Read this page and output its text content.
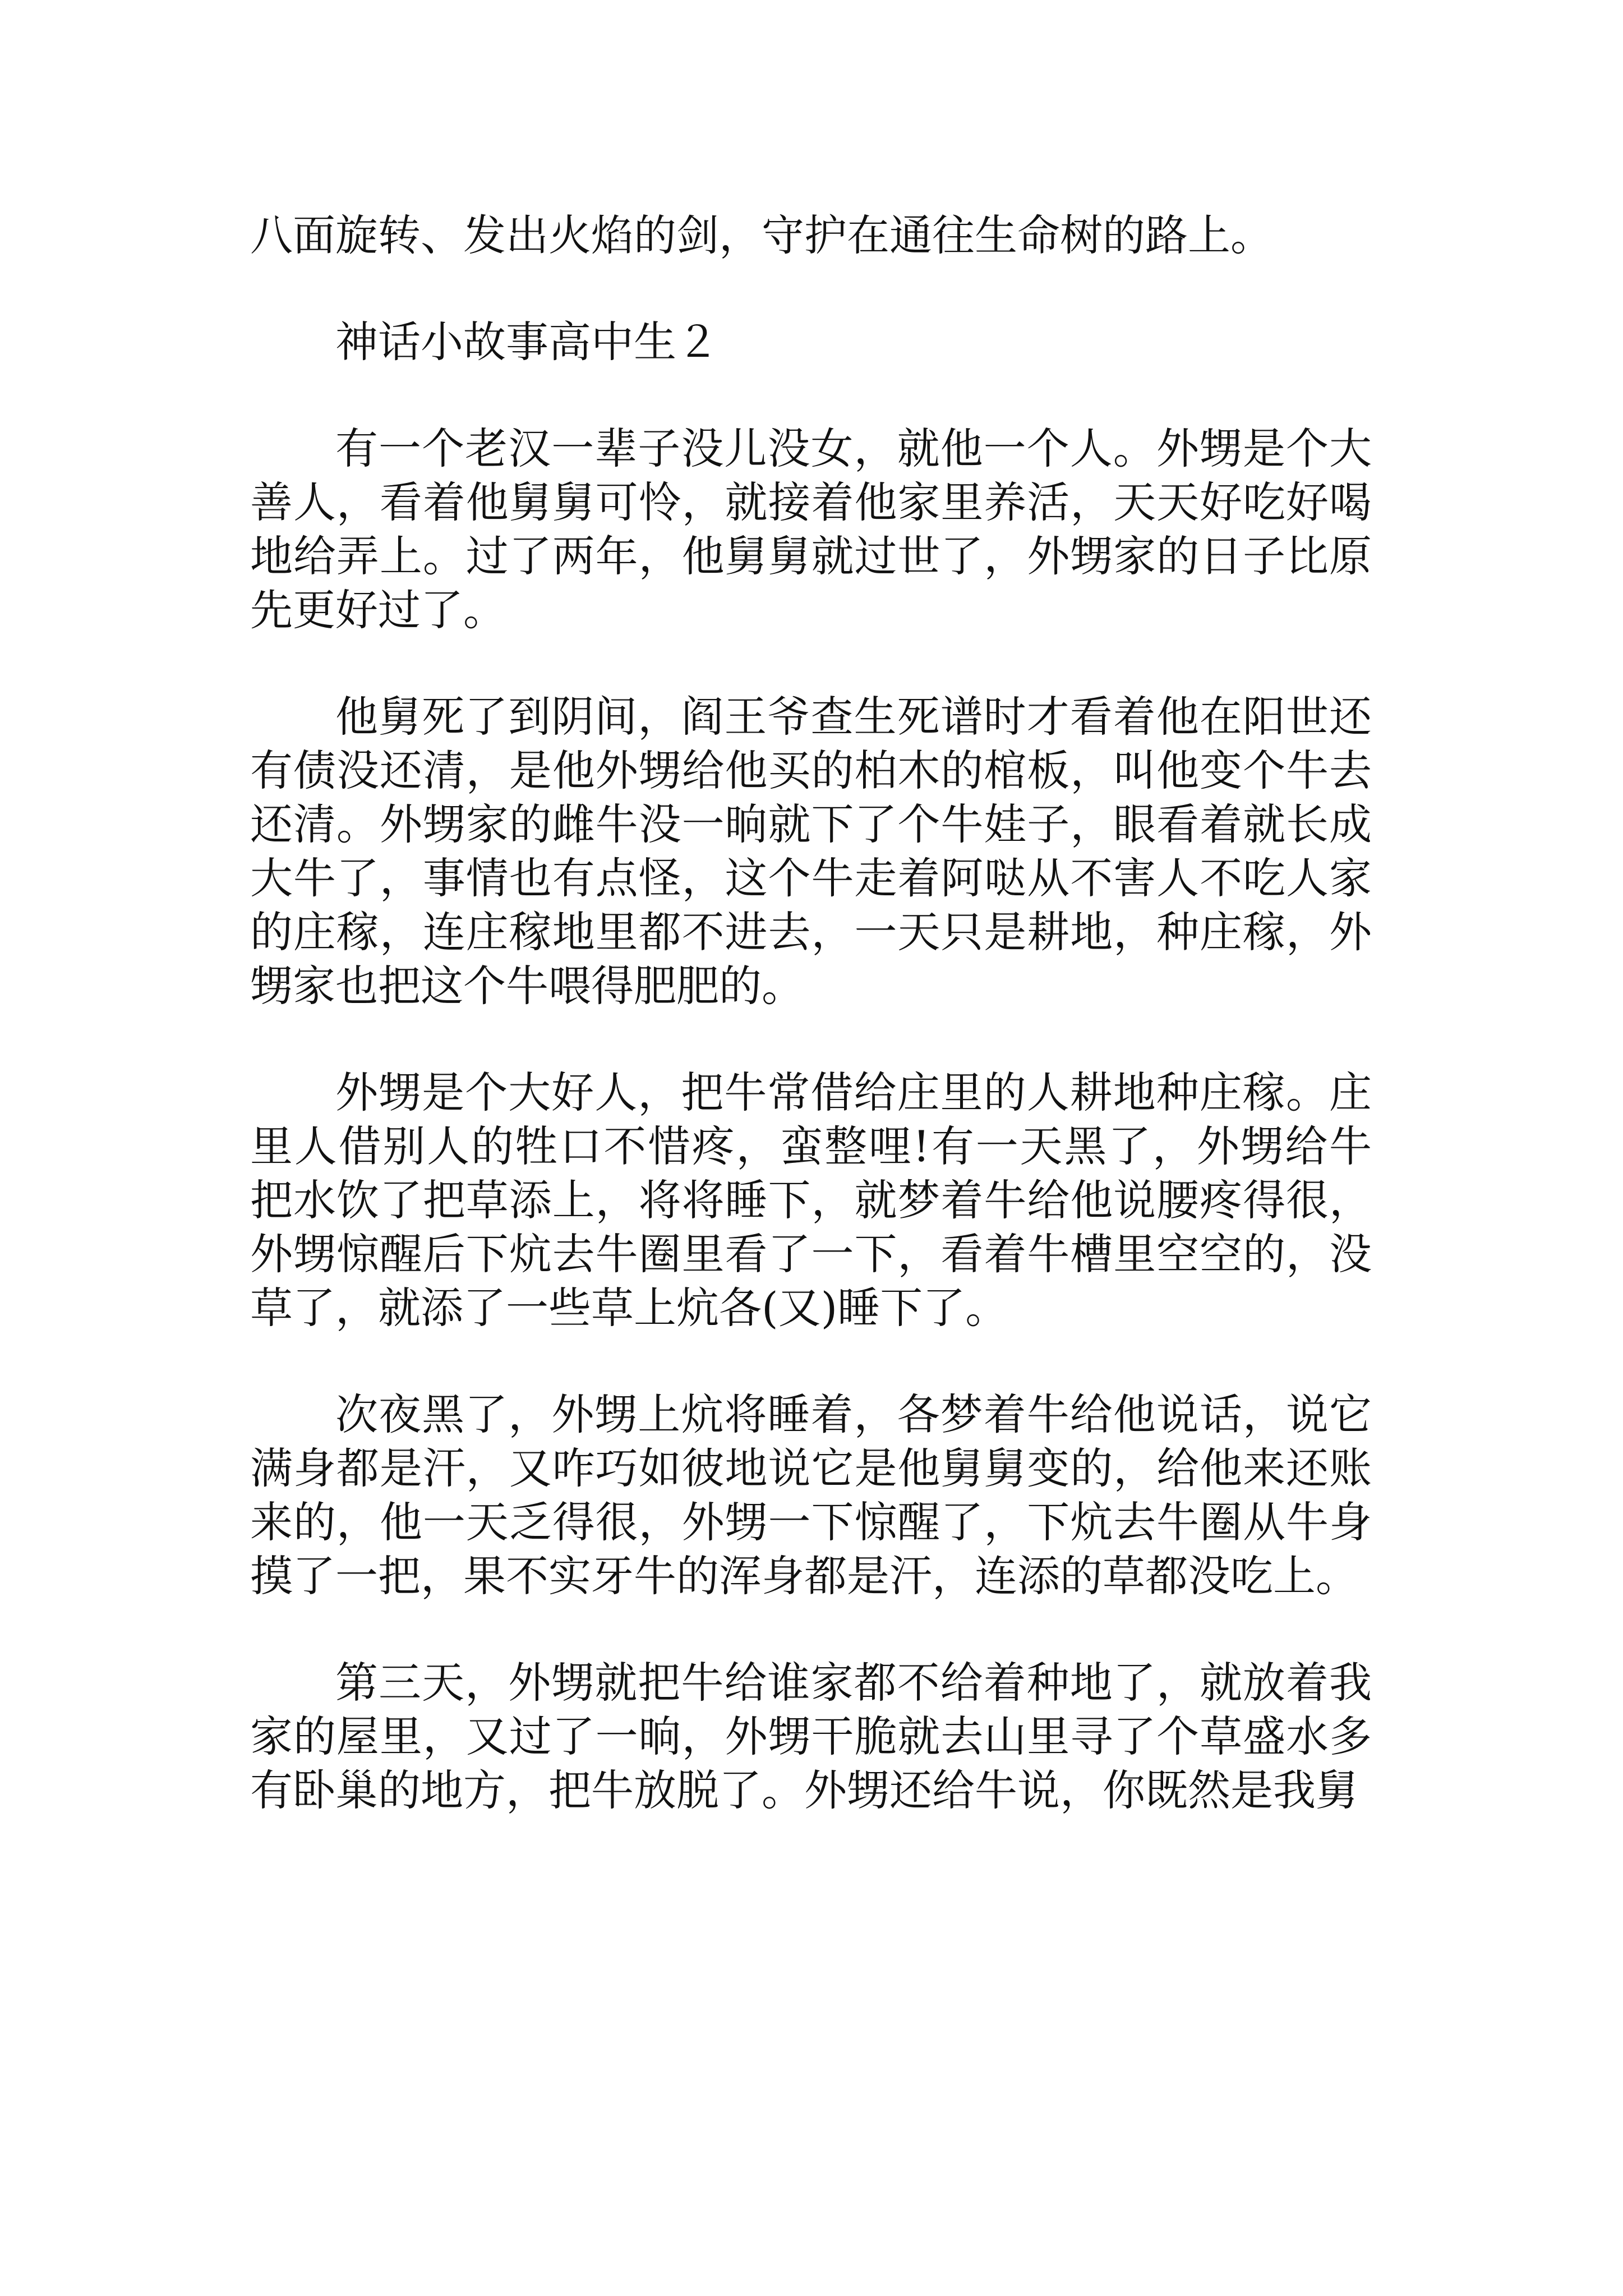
八面旋转、发出火焰的剑，守护在通往生命树的路上。

神话小故事高中生２

有一个老汉一辈子没儿没女，就他一个人。外甥是个大善人，看着他舅舅可怜，就接着他家里养活，天天好吃好喝地给弄上。过了两年，他舅舅就过世了，外甥家的日子比原先更好过了。

他舅死了到阴间，阎王爷查生死谱时才看着他在阳世还有债没还清，是他外甥给他买的柏木的棺板，叫他变个牛去还清。外甥家的雌牛没一晌就下了个牛娃子，眼看着就长成大牛了，事情也有点怪，这个牛走着阿哒从不害人不吃人家的庄稼，连庄稼地里都不进去，一天只是耕地，种庄稼，外甥家也把这个牛喂得肥肥的。

外甥是个大好人，把牛常借给庄里的人耕地种庄稼。庄里人借别人的牲口不惜疼，蛮整哩!有一天黑了，外甥给牛把水饮了把草添上，将将睡下，就梦着牛给他说腰疼得很，外甥惊醒后下炕去牛圈里看了一下，看着牛槽里空空的，没草了，就添了一些草上炕各(又)睡下了。

次夜黑了，外甥上炕将睡着，各梦着牛给他说话，说它满身都是汗，又咋巧如彼地说它是他舅舅变的，给他来还账来的，他一天乏得很，外甥一下惊醒了，下炕去牛圈从牛身摸了一把，果不实牙牛的浑身都是汗，连添的草都没吃上。

第三天，外甥就把牛给谁家都不给着种地了，就放着我家的屋里，又过了一晌，外甥干脆就去山里寻了个草盛水多有卧巢的地方，把牛放脱了。外甥还给牛说，你既然是我舅
